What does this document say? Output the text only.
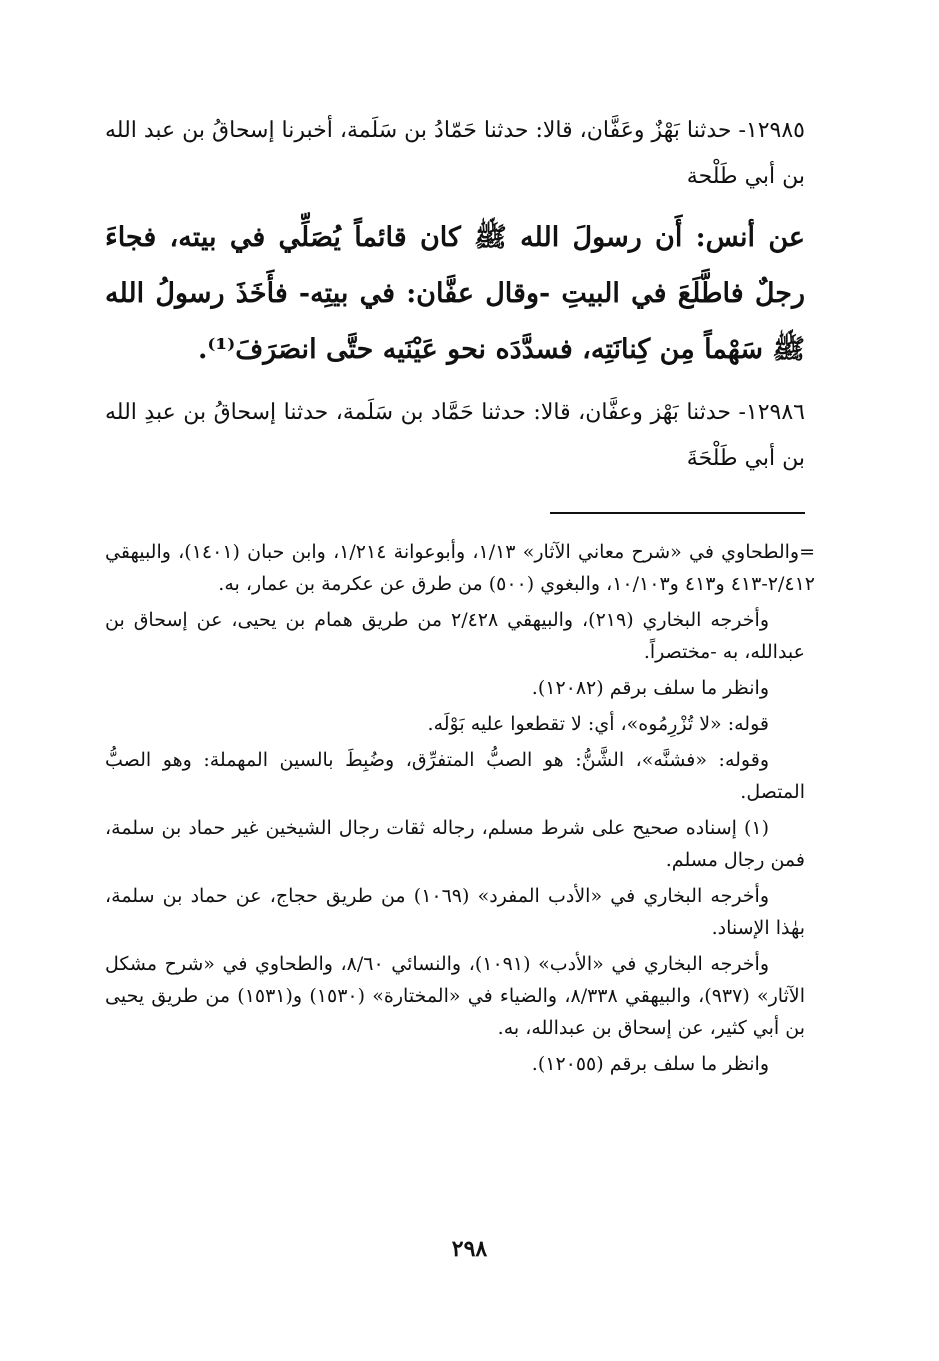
١٢٩٨٥- حدثنا بَهْزٌ وعَفَّان، قالا: حدثنا حَمّادُ بن سَلَمة، أخبرنا إسحاقُ بن عبد الله بن أبي طَلْحة

عن أنس: أَن رسولَ الله ﷺ كان قائماً يُصَلِّي في بيته، فجاءَ رجلٌ فاطَّلَعَ في البيتِ -وقال عفَّان: في بيتِه- فأَخَذَ رسولُ الله ﷺ سَهْماً مِن كِنانَتِه، فسدَّدَه نحو عَيْنَيه حتَّى انصَرَفَ⁽¹⁾.

١٢٩٨٦- حدثنا بَهْز وعفَّان، قالا: حدثنا حَمَّاد بن سَلَمة، حدثنا إسحاقُ بن عبدِ الله بن أبي طَلْحَةَ

=والطحاوي في «شرح معاني الآثار» ١/١٣، وأبوعوانة ١/٢١٤، وابن حبان (١٤٠١)، والبيهقي ٢/٤١٢-٤١٣ و٤١٣ و١٠/١٠٣، والبغوي (٥٠٠) من طرق عن عكرمة بن عمار، به.

وأخرجه البخاري (٢١٩)، والبيهقي ٢/٤٢٨ من طريق همام بن يحيى، عن إسحاق بن عبدالله، به -مختصراً.

وانظر ما سلف برقم (١٢٠٨٢).

قوله: «لا تُزْرِمُوه»، أي: لا تقطعوا عليه بَوْلَه.

وقوله: «فشنَّه»، الشَّنُّ: هو الصبُّ المتفرِّق، وضُبِطَ بالسين المهملة: وهو الصبُّ المتصل.

(١) إسناده صحيح على شرط مسلم، رجاله ثقات رجال الشيخين غير حماد بن سلمة، فمن رجال مسلم.

وأخرجه البخاري في «الأدب المفرد» (١٠٦٩) من طريق حجاج، عن حماد بن سلمة، بهٰذا الإسناد.

وأخرجه البخاري في «الأدب» (١٠٩١)، والنسائي ٨/٦٠، والطحاوي في «شرح مشكل الآثار» (٩٣٧)، والبيهقي ٨/٣٣٨، والضياء في «المختارة» (١٥٣٠) و(١٥٣١) من طريق يحيى بن أبي كثير، عن إسحاق بن عبدالله، به.

وانظر ما سلف برقم (١٢٠٥٥).

٢٩٨
